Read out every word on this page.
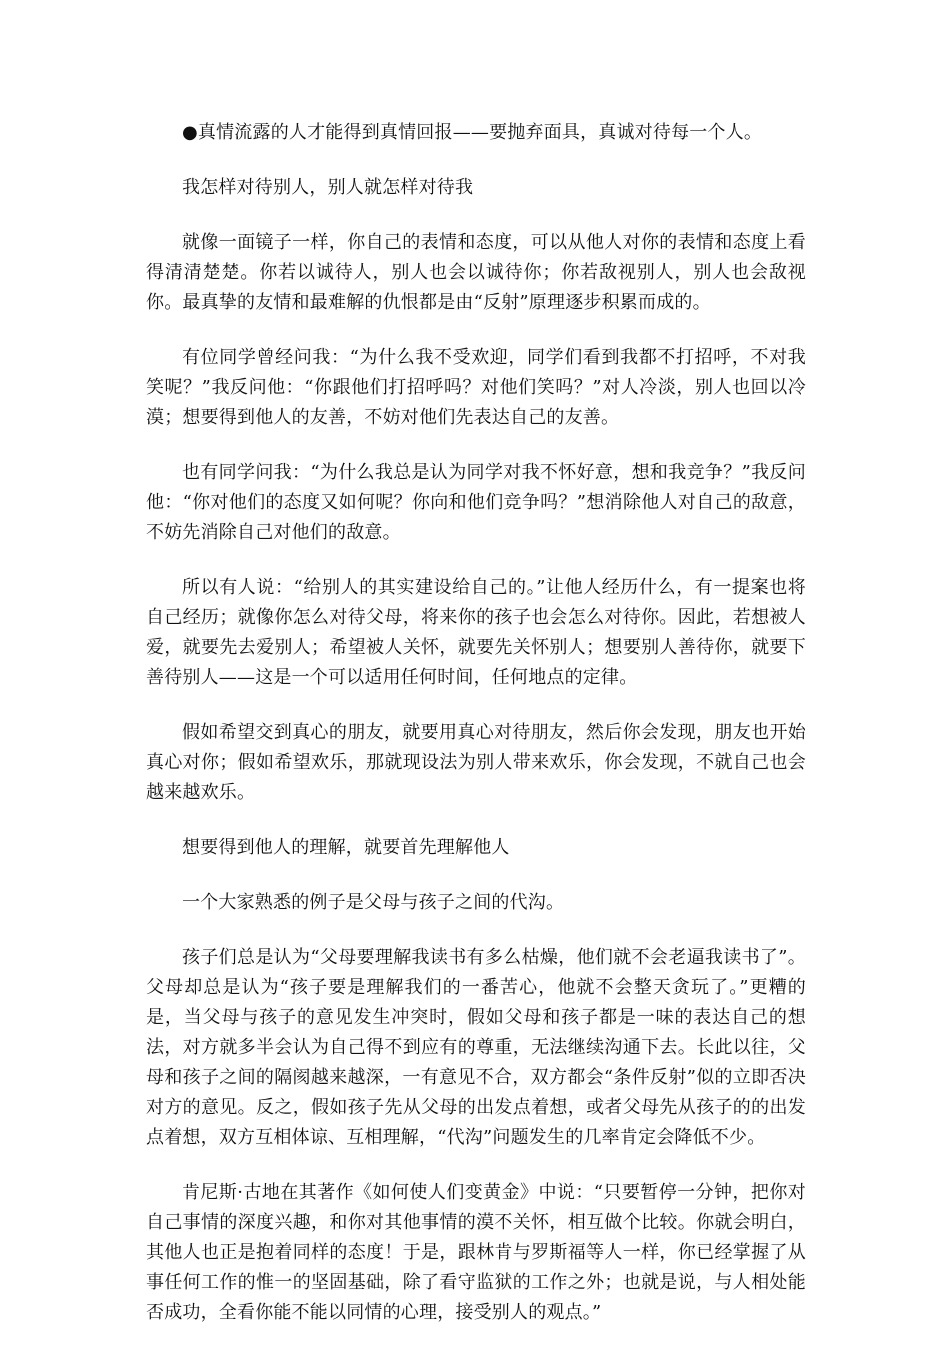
●真情流露的人才能得到真情回报——要抛弃面具，真诚对待每一个人。

我怎样对待别人，别人就怎样对待我

就像一面镜子一样，你自己的表情和态度，可以从他人对你的表情和态度上看得清清楚楚。你若以诚待人，别人也会以诚待你；你若敌视别人，别人也会敌视你。最真挚的友情和最难解的仇恨都是由“反射”原理逐步积累而成的。

有位同学曾经问我：“为什么我不受欢迎，同学们看到我都不打招呼，不对我笑呢？”我反问他：“你跟他们打招呼吗？对他们笑吗？”对人冷淡，别人也回以冷漠；想要得到他人的友善，不妨对他们先表达自己的友善。

也有同学问我：“为什么我总是认为同学对我不怀好意，想和我竞争？”我反问他：“你对他们的态度又如何呢？你向和他们竞争吗？”想消除他人对自己的敌意，不妨先消除自己对他们的敌意。

所以有人说：“给别人的其实建设给自己的。”让他人经历什么，有一提案也将自己经历；就像你怎么对待父母，将来你的孩子也会怎么对待你。因此，若想被人爱，就要先去爱别人；希望被人关怀，就要先关怀别人；想要别人善待你，就要下善待别人——这是一个可以适用任何时间，任何地点的定律。

假如希望交到真心的朋友，就要用真心对待朋友，然后你会发现，朋友也开始真心对你；假如希望欢乐，那就现设法为别人带来欢乐，你会发现，不就自己也会越来越欢乐。

想要得到他人的理解，就要首先理解他人

一个大家熟悉的例子是父母与孩子之间的代沟。

孩子们总是认为“父母要理解我读书有多么枯燥，他们就不会老逼我读书了”。父母却总是认为“孩子要是理解我们的一番苦心，他就不会整天贪玩了。”更糟的是，当父母与孩子的意见发生冲突时，假如父母和孩子都是一味的表达自己的想法，对方就多半会认为自己得不到应有的尊重，无法继续沟通下去。长此以往，父母和孩子之间的隔阂越来越深，一有意见不合，双方都会“条件反射”似的立即否决对方的意见。反之，假如孩子先从父母的出发点着想，或者父母先从孩子的的出发点着想，双方互相体谅、互相理解，“代沟”问题发生的几率肯定会降低不少。

肯尼斯·古地在其著作《如何使人们变黄金》中说：“只要暂停一分钟，把你对自己事情的深度兴趣，和你对其他事情的漠不关怀，相互做个比较。你就会明白，其他人也正是抱着同样的态度！于是，跟林肯与罗斯福等人一样，你已经掌握了从事任何工作的惟一的坚固基础，除了看守监狱的工作之外；也就是说，与人相处能否成功，全看你能不能以同情的心理，接受别人的观点。”
